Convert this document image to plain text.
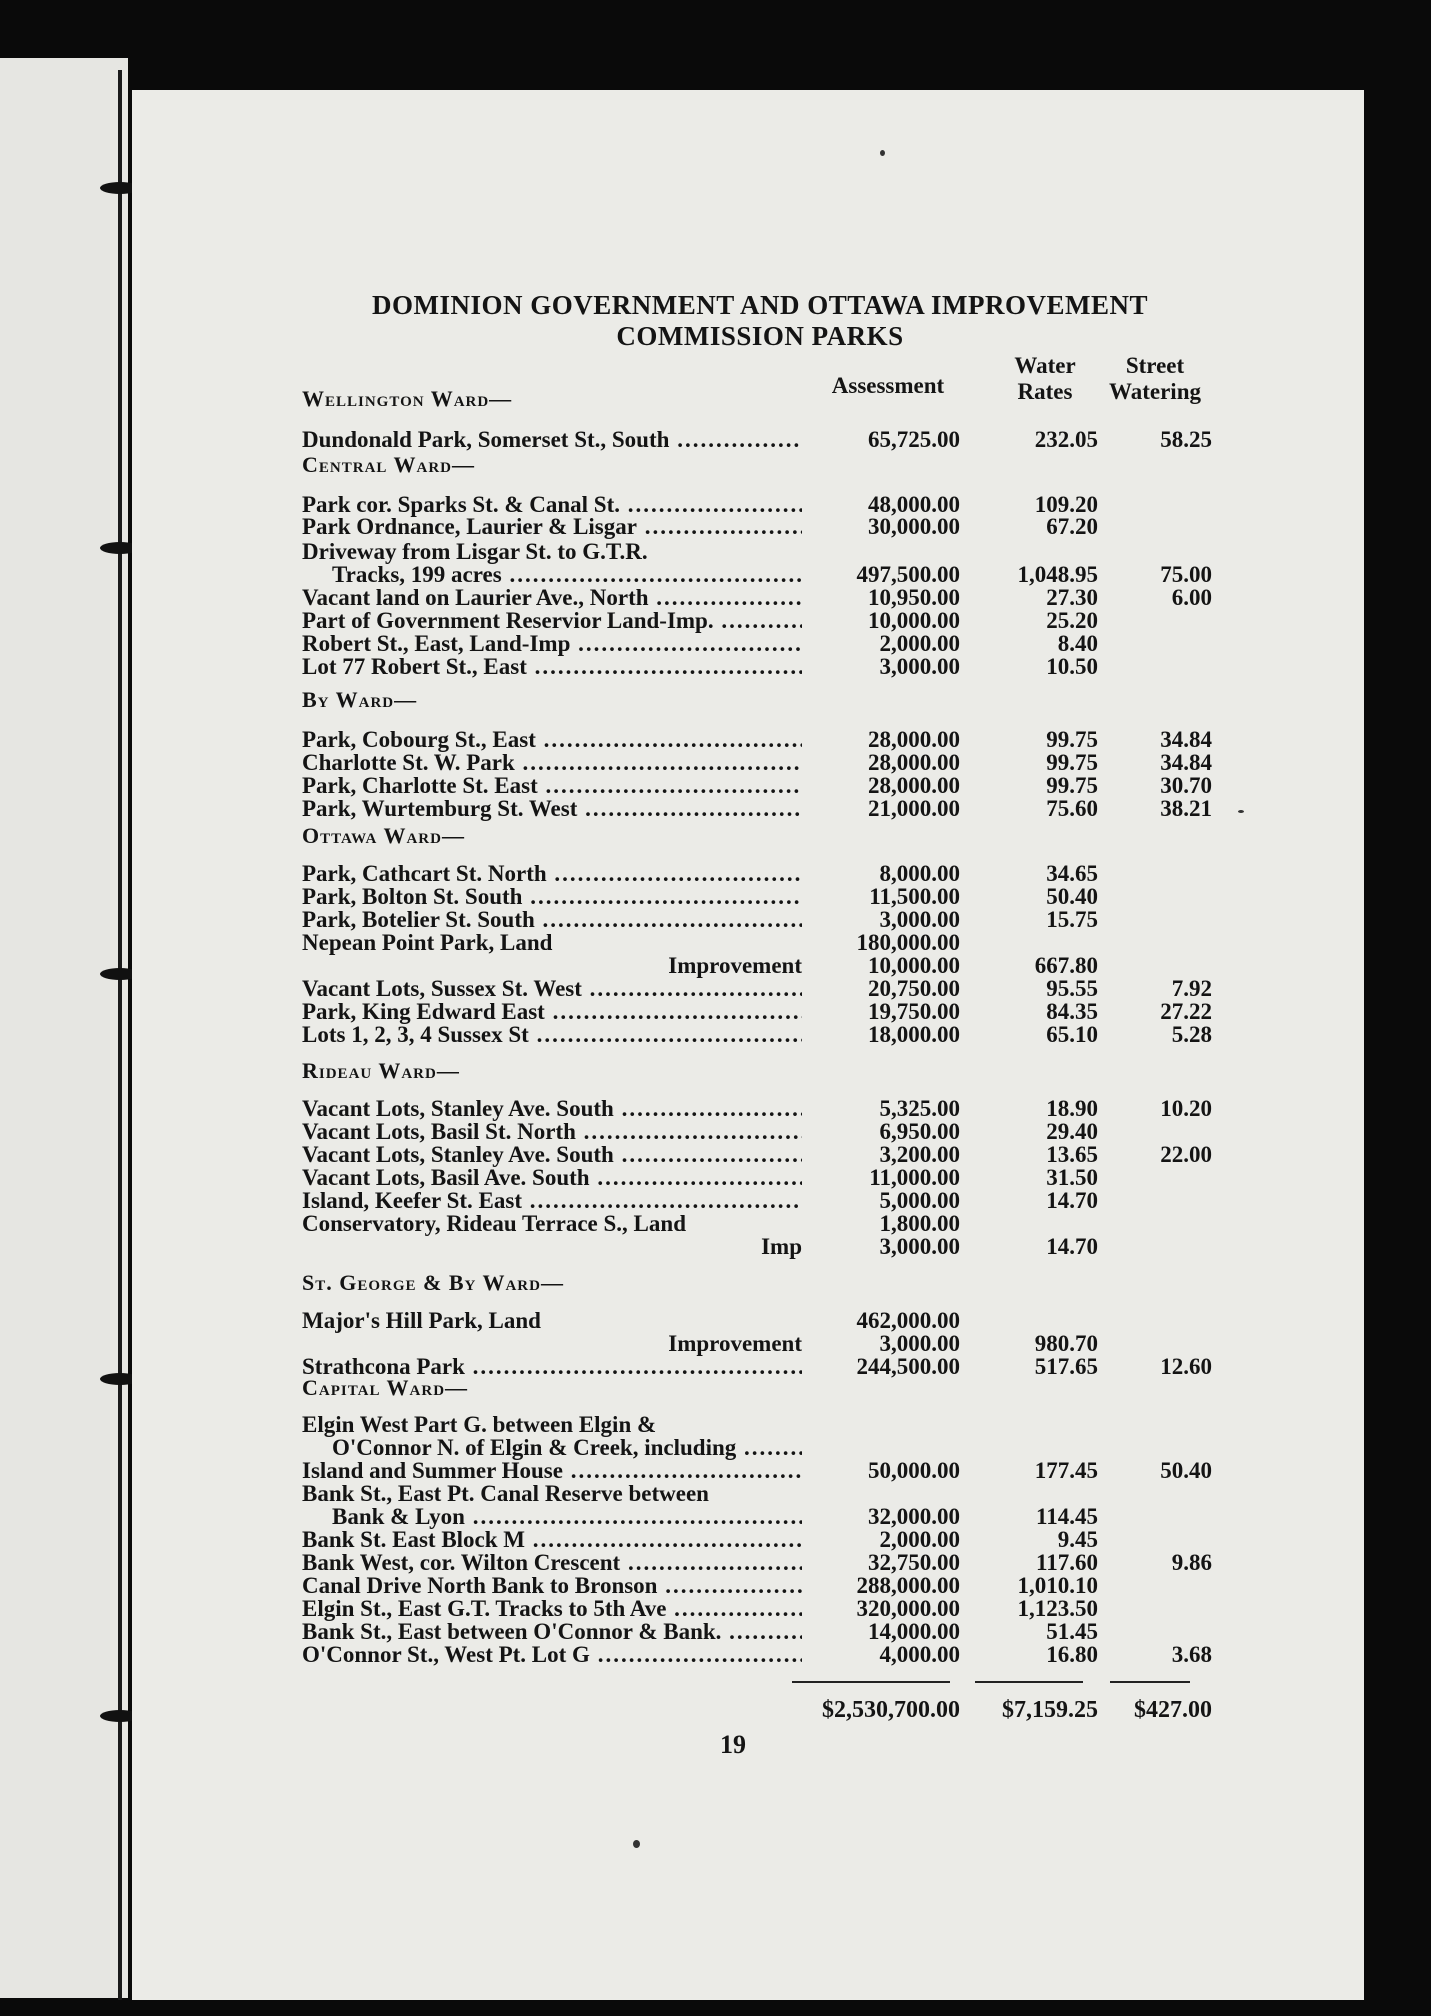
DOMINION GOVERNMENT AND OTTAWA IMPROVEMENT
COMMISSION PARKS
Assessment
Water
Rates
Street
Watering
Wellington Ward—
Central Ward—
By Ward—
Ottawa Ward—
Rideau Ward—
St. George & By Ward—
Capital Ward—
Dundonald Park, Somerset St., South .....	65,725.00	232.05	58.25
Park cor. Sparks St. & Canal St. .....	48,000.00	109.20
Park Ordnance, Laurier & Lisgar .....	30,000.00	67.20
Driveway from Lisgar St. to G.T.R.
Tracks, 199 acres .....	497,500.00	1,048.95	75.00
Vacant land on Laurier Ave., North .....	10,950.00	27.30	6.00
Part of Government Reservior Land-Imp. .....	10,000.00	25.20
Robert St., East, Land-Imp .....	2,000.00	8.40
Lot 77 Robert St., East .....	3,000.00	10.50
Park, Cobourg St., East .....	28,000.00	99.75	34.84
Charlotte St. W. Park .....	28,000.00	99.75	34.84
Park, Charlotte St. East .....	28,000.00	99.75	30.70
Park, Wurtemburg St. West .....	21,000.00	75.60	38.21
Park, Cathcart St. North .....	8,000.00	34.65
Park, Bolton St. South .....	11,500.00	50.40
Park, Botelier St. South .....	3,000.00	15.75
Nepean Point Park, Land	180,000.00
Improvement	10,000.00	667.80
Vacant Lots, Sussex St. West .....	20,750.00	95.55	7.92
Park, King Edward East .....	19,750.00	84.35	27.22
Lots 1, 2, 3, 4 Sussex St .....	18,000.00	65.10	5.28
Vacant Lots, Stanley Ave. South .....	5,325.00	18.90	10.20
Vacant Lots, Basil St. North .....	6,950.00	29.40
Vacant Lots, Stanley Ave. South .....	3,200.00	13.65	22.00
Vacant Lots, Basil Ave. South .....	11,000.00	31.50
Island, Keefer St. East .....	5,000.00	14.70
Conservatory, Rideau Terrace S., Land	1,800.00
Imp	3,000.00	14.70
Major's Hill Park, Land	462,000.00
Improvement	3,000.00	980.70
Strathcona Park .....	244,500.00	517.65	12.60
Elgin West Part G. between Elgin &
O'Connor N. of Elgin & Creek, including .....
Island and Summer House .....	50,000.00	177.45	50.40
Bank St., East Pt. Canal Reserve between
Bank & Lyon .....	32,000.00	114.45
Bank St. East Block M .....	2,000.00	9.45
Bank West, cor. Wilton Crescent .....	32,750.00	117.60	9.86
Canal Drive North Bank to Bronson .....	288,000.00	1,010.10
Elgin St., East G.T. Tracks to 5th Ave .....	320,000.00	1,123.50
Bank St., East between O'Connor & Bank. .....	14,000.00	51.45
O'Connor St., West Pt. Lot G .....	4,000.00	16.80	3.68
$2,530,700.00	$7,159.25	$427.00
19
